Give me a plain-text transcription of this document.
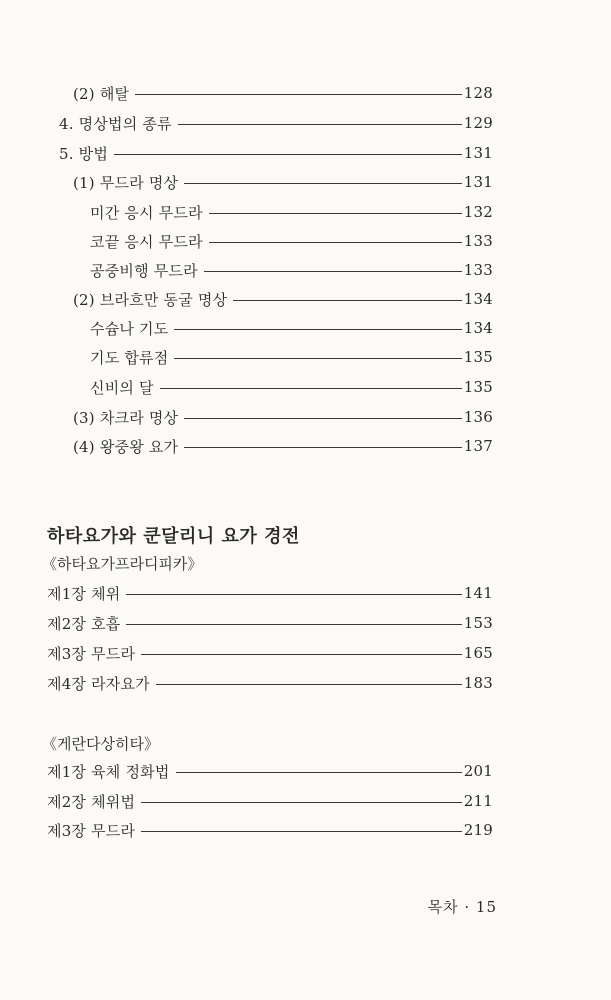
(2) 해탈	128
4. 명상법의 종류	129
5. 방법	131
(1) 무드라 명상	131
미간 응시 무드라	132
코끝 응시 무드라	133
공중비행 무드라	133
(2) 브라흐만 동굴 명상	134
수슘나 기도	134
기도 합류점	135
신비의 달	135
(3) 차크라 명상	136
(4) 왕중왕 요가	137
하타요가와 쿤달리니 요가 경전
《하타요가프라디피카》
제1장 체위	141
제2장 호흡	153
제3장 무드라	165
제4장 라자요가	183
《게란다상히타》
제1장 육체 정화법	201
제2장 체위법	211
제3장 무드라	219
목차 · 15
